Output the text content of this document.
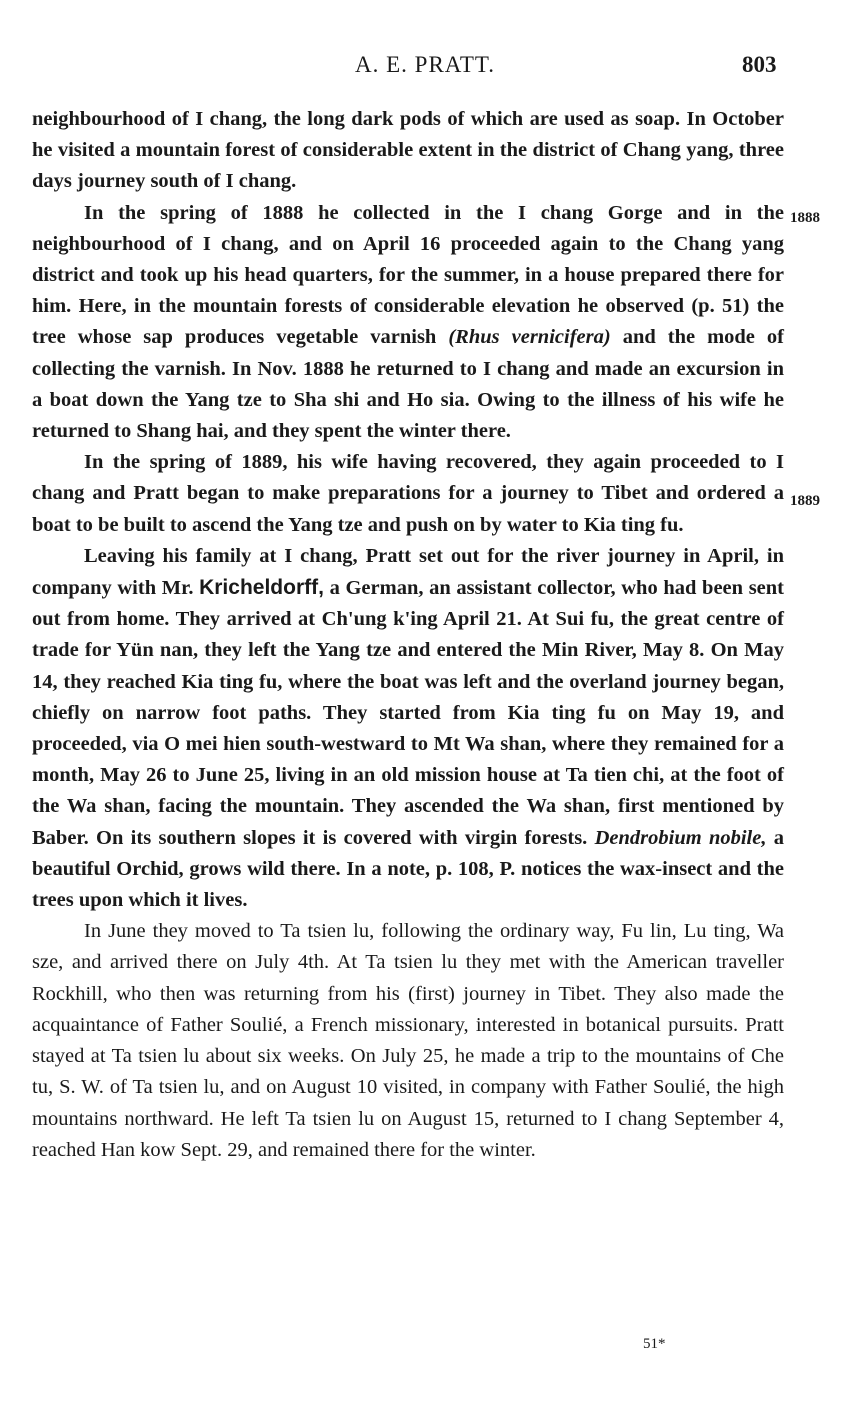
A. E. PRATT.	803

neighbourhood of I chang, the long dark pods of which are used as soap. In October he visited a mountain forest of considerable extent in the district of Chang yang, three days journey south of I chang.

In the spring of 1888 he collected in the I chang Gorge and in the neighbourhood of I chang, and on April 16 proceeded again to the Chang yang district and took up his head quarters, for the summer, in a house prepared there for him. Here, in the mountain forests of considerable elevation he observed (p. 51) the tree whose sap produces vegetable varnish (Rhus vernicifera) and the mode of collecting the varnish. In Nov. 1888 he returned to I chang and made an excursion in a boat down the Yang tze to Sha shi and Ho sia. Owing to the illness of his wife he returned to Shang hai, and they spent the winter there.

In the spring of 1889, his wife having recovered, they again proceeded to I chang and Pratt began to make preparations for a journey to Tibet and ordered a boat to be built to ascend the Yang tze and push on by water to Kia ting fu.

Leaving his family at I chang, Pratt set out for the river journey in April, in company with Mr. Kricheldorff, a German, an assistant collector, who had been sent out from home. They arrived at Ch'ung k'ing April 21. At Sui fu, the great centre of trade for Yün nan, they left the Yang tze and entered the Min River, May 8. On May 14, they reached Kia ting fu, where the boat was left and the overland journey began, chiefly on narrow foot paths. They started from Kia ting fu on May 19, and proceeded, via O mei hien south-westward to Mt Wa shan, where they remained for a month, May 26 to June 25, living in an old mission house at Ta tien chi, at the foot of the Wa shan, facing the mountain. They ascended the Wa shan, first mentioned by Baber. On its southern slopes it is covered with virgin forests. Dendrobium nobile, a beautiful Orchid, grows wild there. In a note, p. 108, P. notices the wax-insect and the trees upon which it lives.

In June they moved to Ta tsien lu, following the ordinary way, Fu lin, Lu ting, Wa sze, and arrived there on July 4th. At Ta tsien lu they met with the American traveller Rockhill, who then was returning from his (first) journey in Tibet. They also made the acquaintance of Father Soulié, a French missionary, interested in botanical pursuits. Pratt stayed at Ta tsien lu about six weeks. On July 25, he made a trip to the mountains of Che tu, S. W. of Ta tsien lu, and on August 10 visited, in company with Father Soulié, the high mountains northward. He left Ta tsien lu on August 15, returned to I chang September 4, reached Han kow Sept. 29, and remained there for the winter.

1888
1889
51*
